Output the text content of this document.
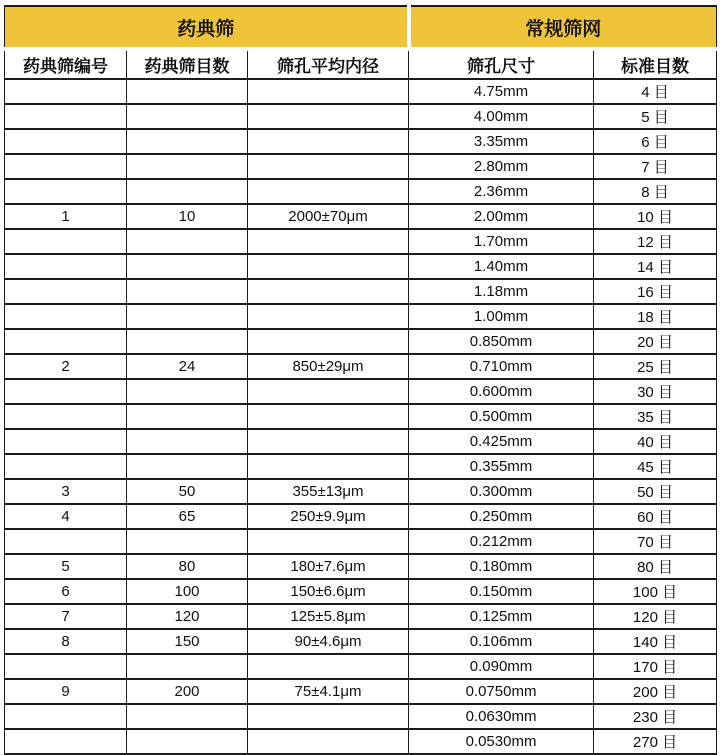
药典筛			常规筛网	
药典筛编号	药典筛目数	筛孔平均内径	筛孔尺寸	标准目数
			4.75mm	4 目
			4.00mm	5 目
			3.35mm	6 目
			2.80mm	7 目
			2.36mm	8 目
1	10	2000±70μm	2.00mm	10 目
			1.70mm	12 目
			1.40mm	14 目
			1.18mm	16 目
			1.00mm	18 目
			0.850mm	20 目
2	24	850±29μm	0.710mm	25 目
			0.600mm	30 目
			0.500mm	35 目
			0.425mm	40 目
			0.355mm	45 目
3	50	355±13μm	0.300mm	50 目
4	65	250±9.9μm	0.250mm	60 目
			0.212mm	70 目
5	80	180±7.6μm	0.180mm	80 目
6	100	150±6.6μm	0.150mm	100 目
7	120	125±5.8μm	0.125mm	120 目
8	150	90±4.6μm	0.106mm	140 目
			0.090mm	170 目
9	200	75±4.1μm	0.0750mm	200 目
			0.0630mm	230 目
			0.0530mm	270 目
